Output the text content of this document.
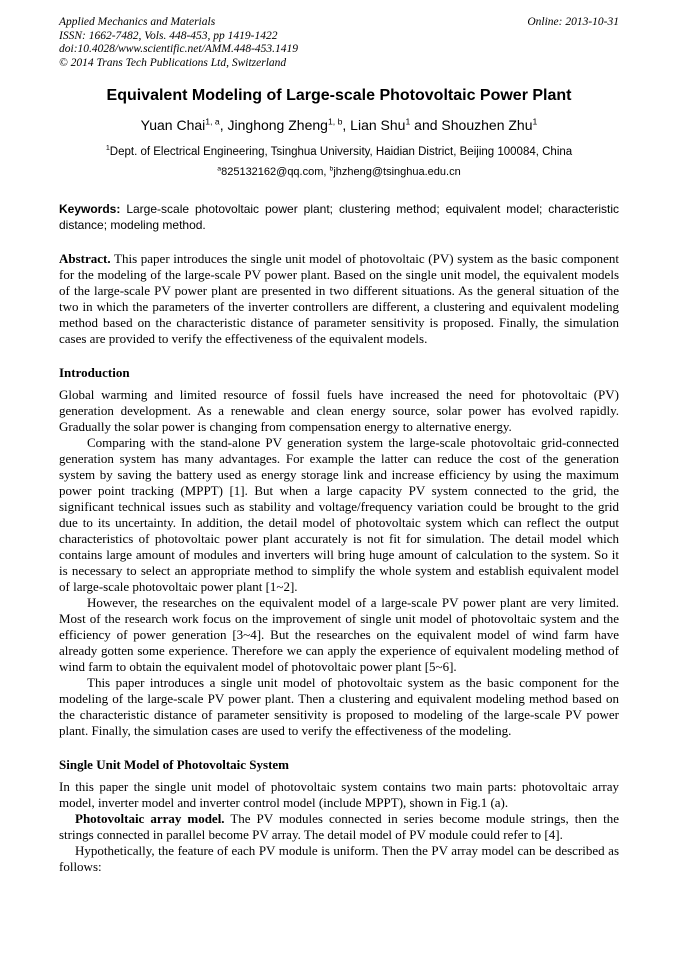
Applied Mechanics and Materials
ISSN: 1662-7482, Vols. 448-453, pp 1419-1422
doi:10.4028/www.scientific.net/AMM.448-453.1419
© 2014 Trans Tech Publications Ltd, Switzerland
Online: 2013-10-31
Equivalent Modeling of Large-scale Photovoltaic Power Plant
Yuan Chai$^{1, a}$, Jinghong Zheng$^{1, b}$, Lian Shu$^1$ and Shouzhen Zhu$^1$
$^1$Dept. of Electrical Engineering, Tsinghua University, Haidian District, Beijing 100084, China
$^a$825132162@qq.com, $^b$jhzheng@tsinghua.edu.cn

Keywords: Large-scale photovoltaic power plant; clustering method; equivalent model; characteristic distance; modeling method.

Abstract. This paper introduces the single unit model of photovoltaic (PV) system as the basic component for the modeling of the large-scale PV power plant. Based on the single unit model, the equivalent models of the large-scale PV power plant are presented in two different situations. As the general situation of the two in which the parameters of the inverter controllers are different, a clustering and equivalent modeling method based on the characteristic distance of parameter sensitivity is proposed. Finally, the simulation cases are provided to verify the effectiveness of the equivalent models.

Introduction

Global warming and limited resource of fossil fuels have increased the need for photovoltaic (PV) generation development. As a renewable and clean energy source, solar power has evolved rapidly. Gradually the solar power is changing from compensation energy to alternative energy.

Comparing with the stand-alone PV generation system the large-scale photovoltaic grid-connected generation system has many advantages. For example the latter can reduce the cost of the generation system by saving the battery used as energy storage link and increase efficiency by using the maximum power point tracking (MPPT) [1]. But when a large capacity PV system connected to the grid, the significant technical issues such as stability and voltage/frequency variation could be brought to the grid due to its uncertainty. In addition, the detail model of photovoltaic system which can reflect the output characteristics of photovoltaic power plant accurately is not fit for simulation. The detail model which contains large amount of modules and inverters will bring huge amount of calculation to the system. So it is necessary to select an appropriate method to simplify the whole system and establish equivalent model of large-scale photovoltaic power plant [1~2].

However, the researches on the equivalent model of a large-scale PV power plant are very limited. Most of the research work focus on the improvement of single unit model of photovoltaic system and the efficiency of power generation [3~4]. But the researches on the equivalent model of wind farm have already gotten some experience. Therefore we can apply the experience of equivalent modeling method of wind farm to obtain the equivalent model of photovoltaic power plant [5~6].

This paper introduces a single unit model of photovoltaic system as the basic component for the modeling of the large-scale PV power plant. Then a clustering and equivalent modeling method based on the characteristic distance of parameter sensitivity is proposed to modeling of the large-scale PV power plant. Finally, the simulation cases are used to verify the effectiveness of the modeling.

Single Unit Model of Photovoltaic System

In this paper the single unit model of photovoltaic system contains two main parts: photovoltaic array model, inverter model and inverter control model (include MPPT), shown in Fig.1 (a).

Photovoltaic array model. The PV modules connected in series become module strings, then the strings connected in parallel become PV array. The detail model of PV module could refer to [4].

Hypothetically, the feature of each PV module is uniform. Then the PV array model can be described as follows:
